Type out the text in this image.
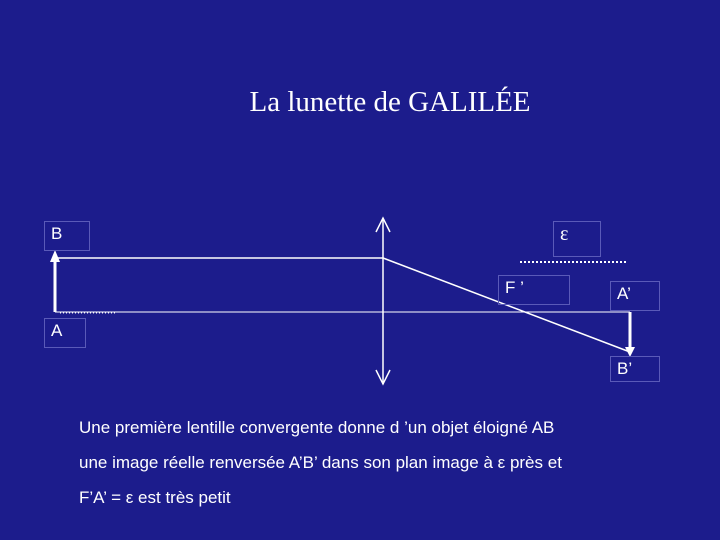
La lunette de GALILÉE
B	ε
F ’	A’
A
B’
Une première lentille convergente donne d ’un objet éloigné AB
une image réelle renversée A’B’ dans son plan image à ε près et
F’A’ = ε est très petit
